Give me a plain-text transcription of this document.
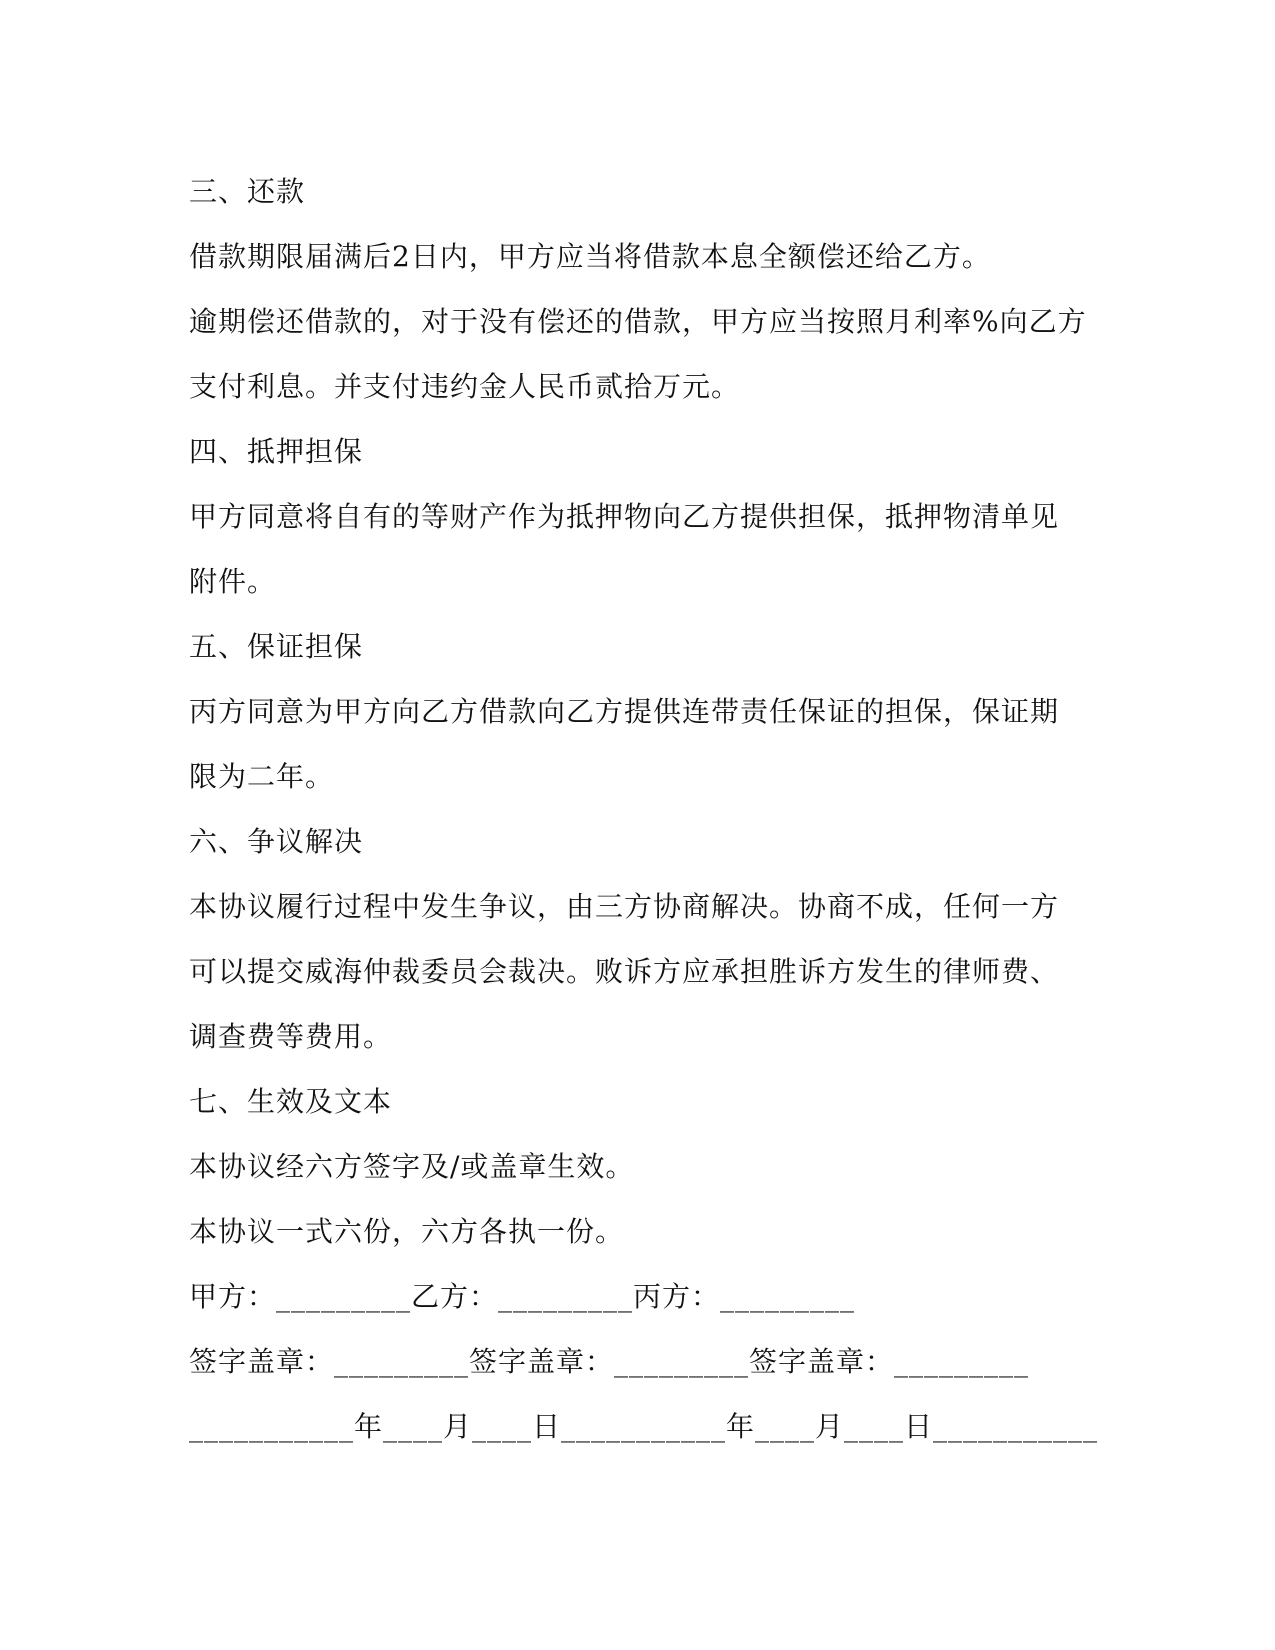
三、还款
借款期限届满后2日内，甲方应当将借款本息全额偿还给乙方。
逾期偿还借款的，对于没有偿还的借款，甲方应当按照月利率%向乙方
支付利息。并支付违约金人民币贰拾万元。
四、抵押担保
甲方同意将自有的等财产作为抵押物向乙方提供担保，抵押物清单见
附件。
五、保证担保
丙方同意为甲方向乙方借款向乙方提供连带责任保证的担保，保证期
限为二年。
六、争议解决
本协议履行过程中发生争议，由三方协商解决。协商不成，任何一方
可以提交威海仲裁委员会裁决。败诉方应承担胜诉方发生的律师费、
调查费等费用。
七、生效及文本
本协议经六方签字及/或盖章生效。
本协议一式六份，六方各执一份。
甲方：_________乙方：_________丙方：_________
签字盖章：_________签字盖章：_________签字盖章：_________
___________年____月____日___________年____月____日___________
